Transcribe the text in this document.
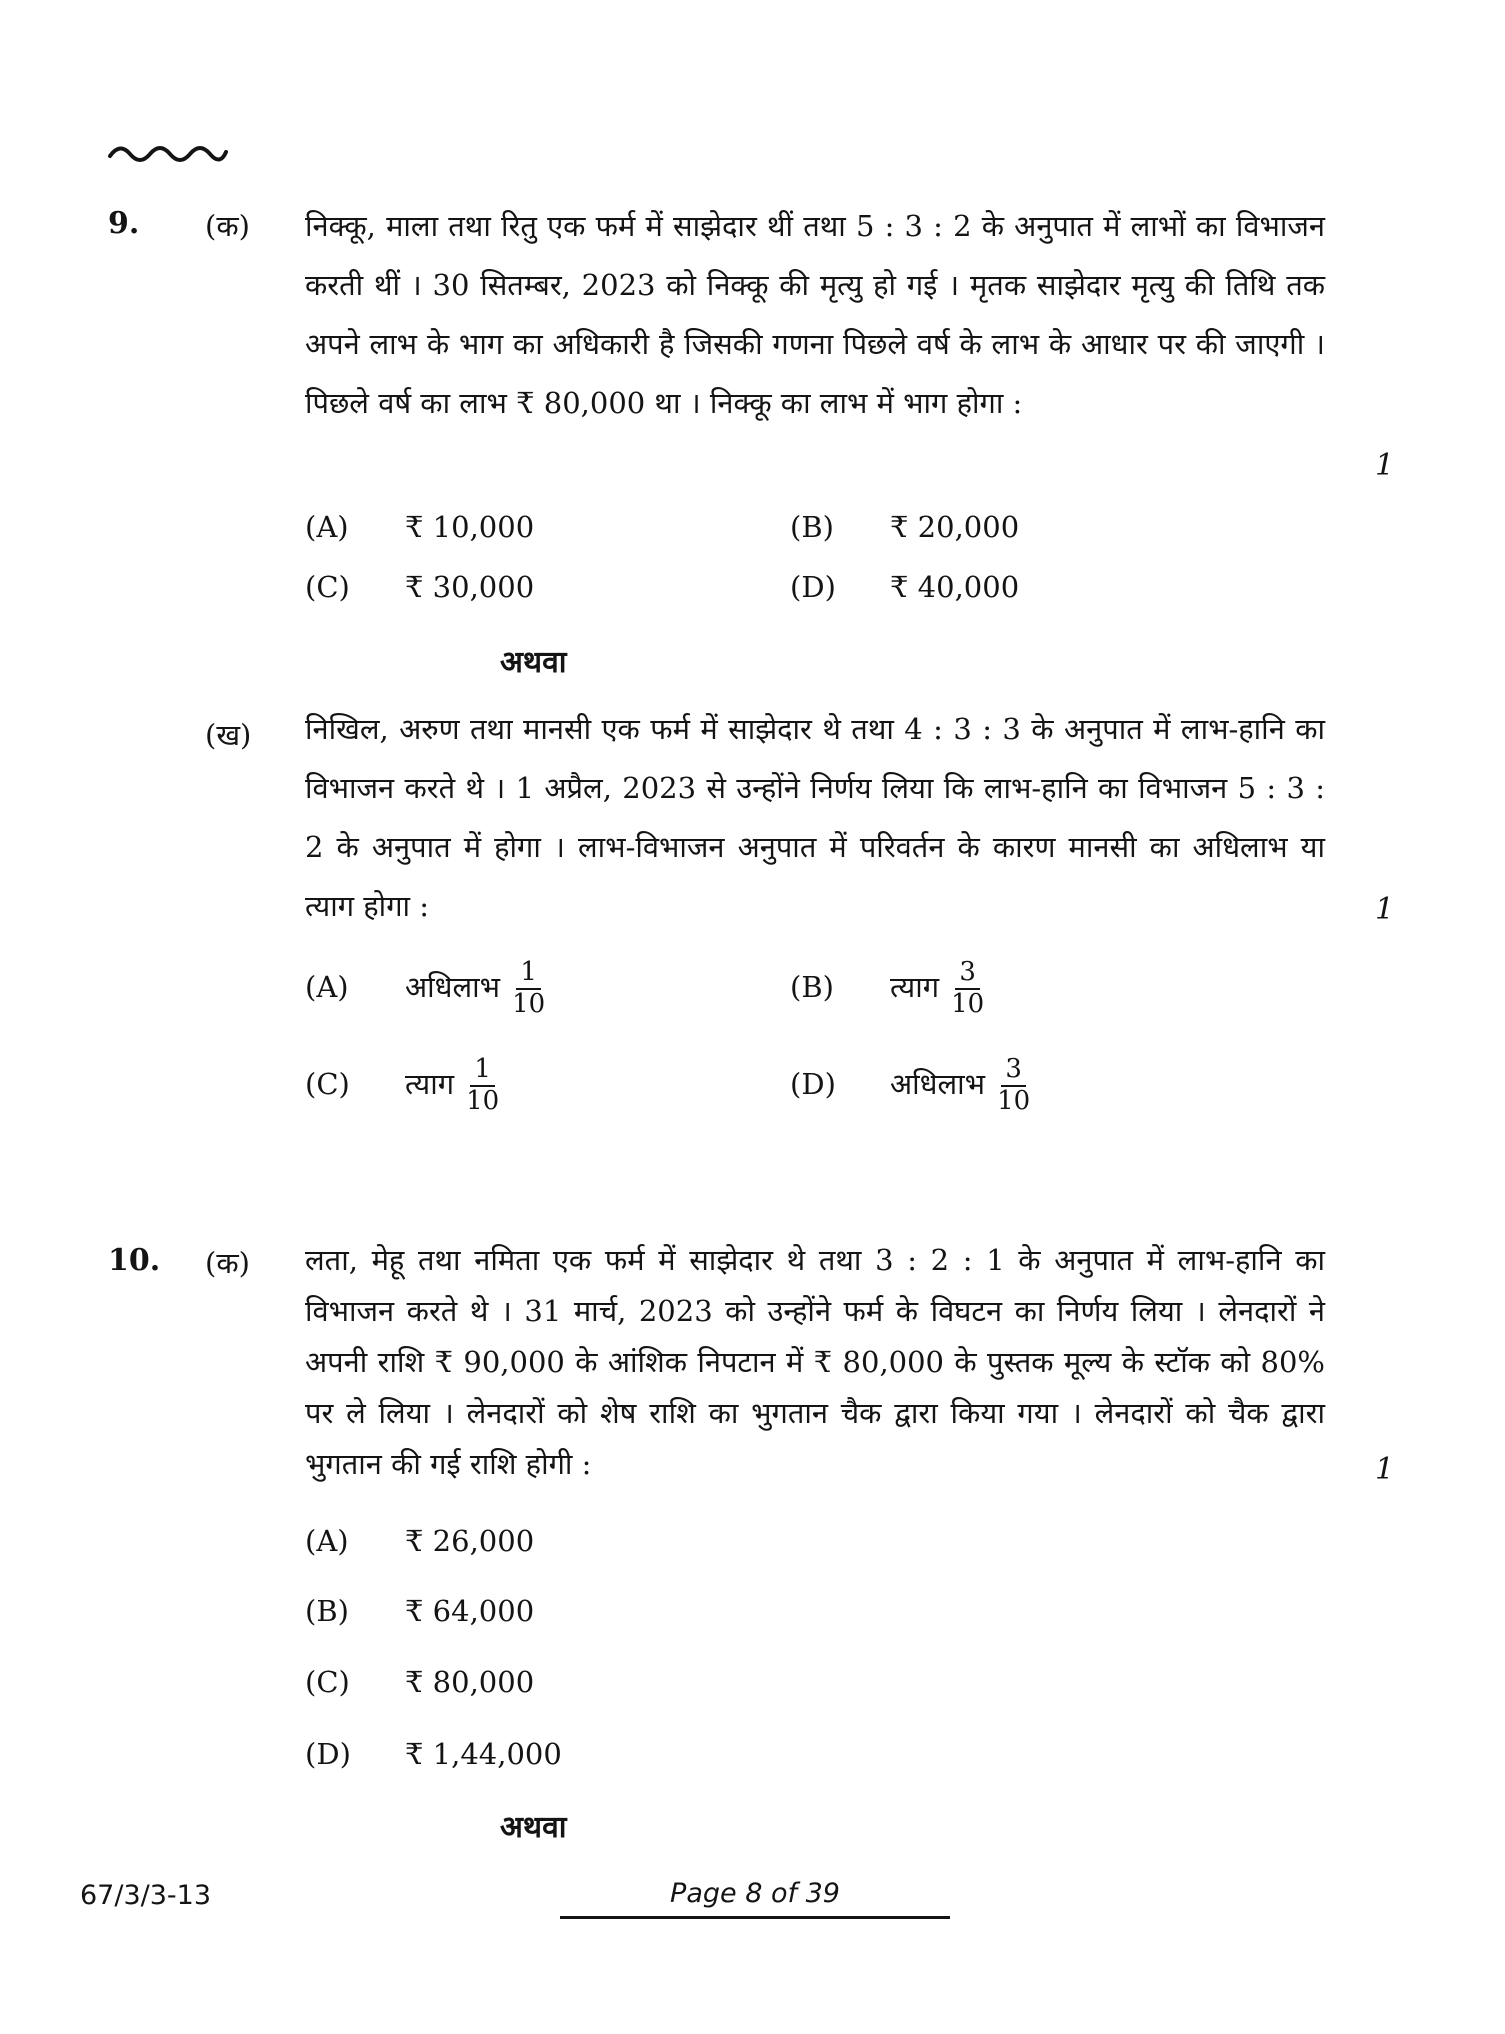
9. (क) निक्कू, माला तथा रितु एक फर्म में साझेदार थीं तथा 5 : 3 : 2 के अनुपात में लाभों का विभाजन करती थीं । 30 सितम्बर, 2023 को निक्कू की मृत्यु हो गई । मृतक साझेदार मृत्यु की तिथि तक अपने लाभ के भाग का अधिकारी है जिसकी गणना पिछले वर्ष के लाभ के आधार पर की जाएगी । पिछले वर्ष का लाभ ₹ 80,000 था । निक्कू का लाभ में भाग होगा :
1
(A) ₹ 10,000	(B) ₹ 20,000
(C) ₹ 30,000	(D) ₹ 40,000
अथवा
(ख) निखिल, अरुण तथा मानसी एक फर्म में साझेदार थे तथा 4 : 3 : 3 के अनुपात में लाभ-हानि का विभाजन करते थे । 1 अप्रैल, 2023 से उन्होंने निर्णय लिया कि लाभ-हानि का विभाजन 5 : 3 : 2 के अनुपात में होगा । लाभ-विभाजन अनुपात में परिवर्तन के कारण मानसी का अधिलाभ या त्याग होगा :	1
(A) अधिलाभ $\frac{1}{10}$	(B) त्याग $\frac{3}{10}$
(C) त्याग $\frac{1}{10}$	(D) अधिलाभ $\frac{3}{10}$
10. (क) लता, मेहू तथा नमिता एक फर्म में साझेदार थे तथा 3 : 2 : 1 के अनुपात में लाभ-हानि का विभाजन करते थे । 31 मार्च, 2023 को उन्होंने फर्म के विघटन का निर्णय लिया । लेनदारों ने अपनी राशि ₹ 90,000 के आंशिक निपटान में ₹ 80,000 के पुस्तक मूल्य के स्टॉक को 80% पर ले लिया । लेनदारों को शेष राशि का भुगतान चैक द्वारा किया गया । लेनदारों को चैक द्वारा भुगतान की गई राशि होगी :	1
(A) ₹ 26,000
(B) ₹ 64,000
(C) ₹ 80,000
(D) ₹ 1,44,000
अथवा
67/3/3-13	Page 8 of 39
